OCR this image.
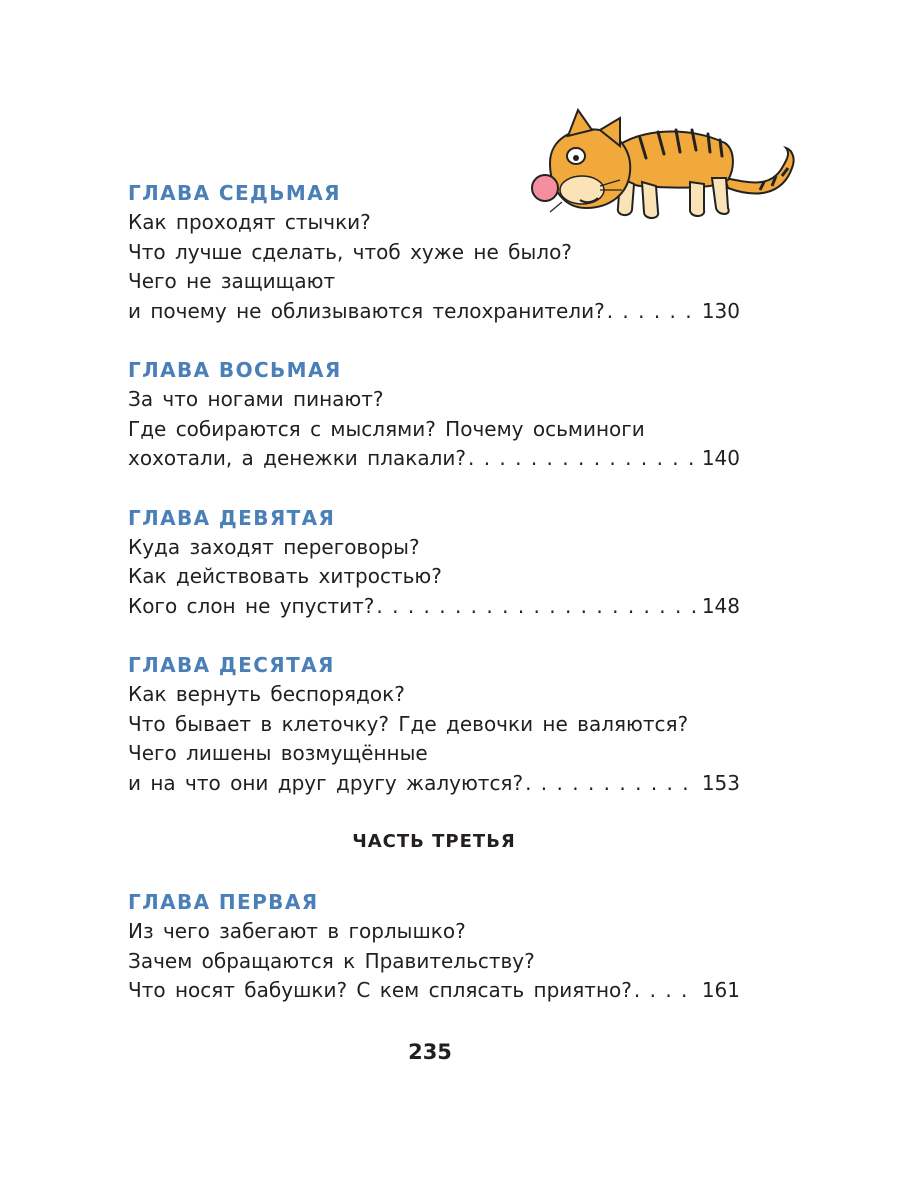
ГЛАВА СЕДЬМАЯ
Как проходят стычки?
Что лучше сделать, чтоб хуже не было?
Чего не защищают
и почему не облизываются телохранители? . . .	130
ГЛАВА ВОСЬМАЯ
За что ногами пинают?
Где собираются с мыслями? Почему осьминоги
хохотали, а денежки плакали? . . .	140
ГЛАВА ДЕВЯТАЯ
Куда заходят переговоры?
Как действовать хитростью?
Кого слон не упустит? . . .	148
ГЛАВА ДЕСЯТАЯ
Как вернуть беспорядок?
Что бывает в клеточку? Где девочки не валяются?
Чего лишены возмущённые
и на что они друг другу жалуются? . . .	153
ЧАСТЬ ТРЕТЬЯ
ГЛАВА ПЕРВАЯ
Из чего забегают в горлышко?
Зачем обращаются к Правительству?
Что носят бабушки? С кем сплясать приятно? . . .	161
235
